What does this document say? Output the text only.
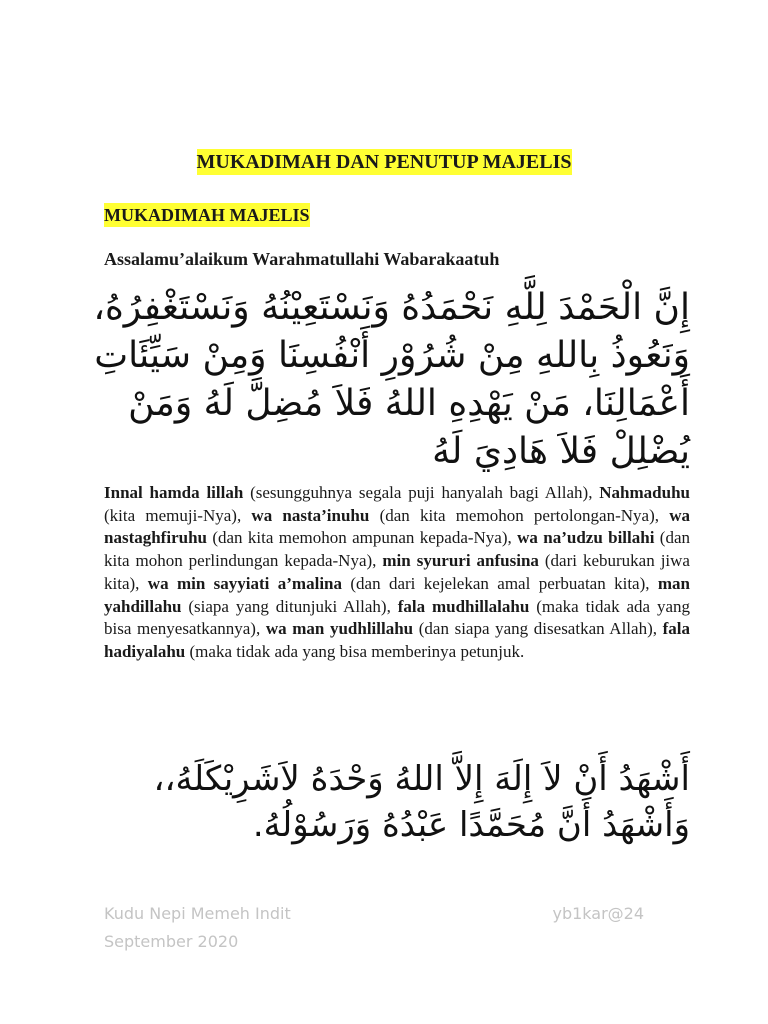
MUKADIMAH DAN PENUTUP MAJELIS
MUKADIMAH MAJELIS

Assalamu’alaikum Warahmatullahi Wabarakaatuh

إِنَّ الْحَمْدَ لِلَّهِ نَحْمَدُهُ وَنَسْتَعِيْنُهُ وَنَسْتَغْفِرُهُ، وَنَعُوذُ بِاللهِ مِنْ شُرُوْرِ أَنْفُسِنَا وَمِنْ سَيِّئَاتِ أَعْمَالِنَا، مَنْ يَهْدِهِ اللهُ فَلاَ مُضِلَّ لَهُ وَمَنْ يُضْلِلْ فَلاَ هَادِيَ لَهُ

Innal hamda lillah (sesungguhnya segala puji hanyalah bagi Allah), Nahmaduhu (kita memuji-Nya), wa nasta’inuhu (dan kita memohon pertolongan-Nya), wa nastaghfiruhu (dan kita memohon ampunan kepada-Nya), wa na’udzu billahi (dan kita mohon perlindungan kepada-Nya), min syururi anfusina (dari keburukan jiwa kita), wa min sayyiati a’malina (dan dari kejelekan amal perbuatan kita), man yahdillahu (siapa yang ditunjuki Allah), fala mudhillalahu (maka tidak ada yang bisa menyesatkannya), wa man yudhlillahu (dan siapa yang disesatkan Allah), fala hadiyalahu (maka tidak ada yang bisa memberinya petunjuk.

أَشْهَدُ أَنْ لاَ إِلَهَ إِلاَّ اللهُ وَحْدَهُ لاَشَرِيْكَلَهُ،، وَأَشْهَدُ أَنَّ مُحَمَّدًا عَبْدُهُ وَرَسُوْلُهُ.

Kudu Nepi Memeh Indit	yb1kar@24
September 2020
